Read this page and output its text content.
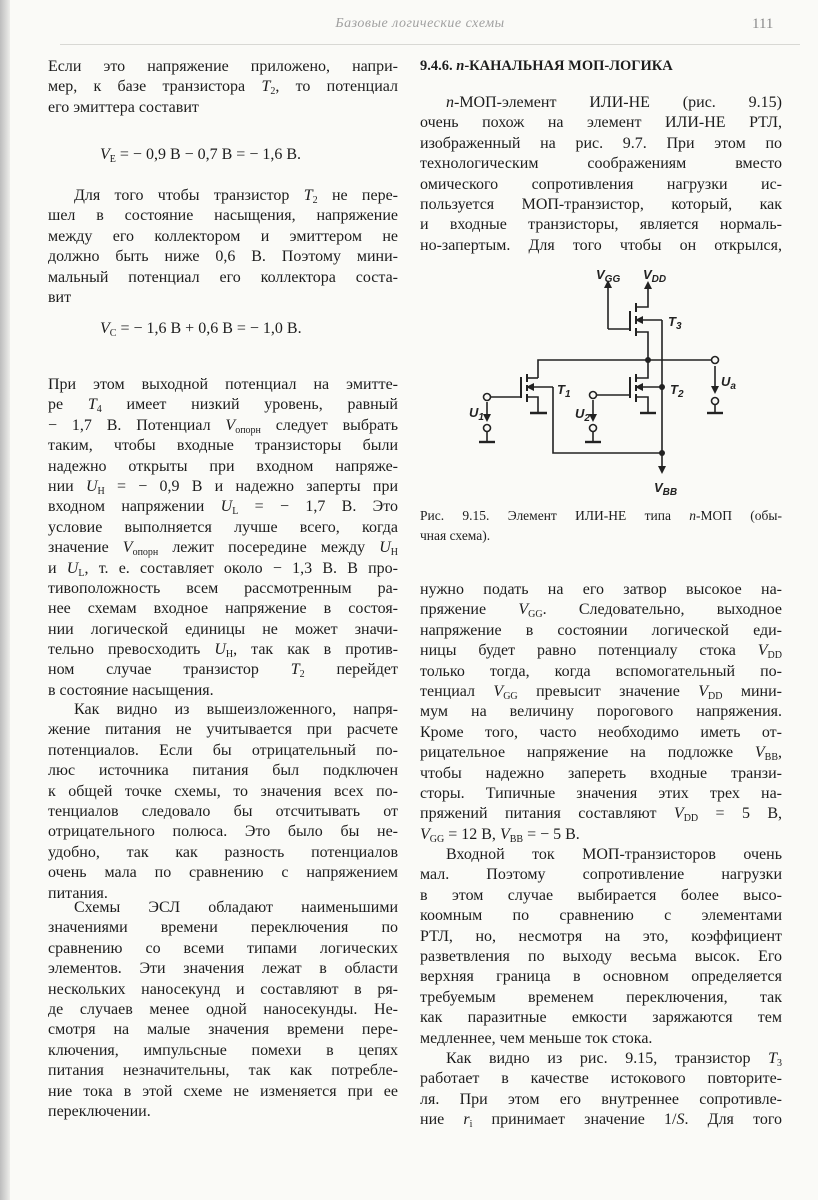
Базовые логические схемы	111
Если это напряжение приложено, напри-
мер, к базе транзистора $T_2$, то потенциал
его эмиттера составит
$V_E$ = − 0,9 В − 0,7 В = − 1,6 В.
Для того чтобы транзистор $T_2$ не пере-
шел в состояние насыщения, напряжение
между его коллектором и эмиттером не
должно быть ниже 0,6 В. Поэтому мини-
мальный потенциал его коллектора соста-
вит
$V_C$ = − 1,6 В + 0,6 В = − 1,0 В.
При этом выходной потенциал на эмитте-
ре $T_4$ имеет низкий уровень, равный
− 1,7 В. Потенциал $V_{опорн}$ следует выбрать
таким, чтобы входные транзисторы были
надежно открыты при входном напряже-
нии $U_H$ = − 0,9 В и надежно заперты при
входном напряжении $U_L$ = − 1,7 В. Это
условие выполняется лучше всего, когда
значение $V_{опорн}$ лежит посередине между $U_H$
и $U_L$, т. е. составляет около − 1,3 В. В про-
тивоположность всем рассмотренным ра-
нее схемам входное напряжение в состоя-
нии логической единицы не может значи-
тельно превосходить $U_H$, так как в против-
ном случае транзистор $T_2$ перейдет
в состояние насыщения.
Как видно из вышеизложенного, напря-
жение питания не учитывается при расчете
потенциалов. Если бы отрицательный по-
люс источника питания был подключен
к общей точке схемы, то значения всех по-
тенциалов следовало бы отсчитывать от
отрицательного полюса. Это было бы не-
удобно, так как разность потенциалов
очень мала по сравнению с напряжением
питания.
Схемы ЭСЛ обладают наименьшими
значениями времени переключения по
сравнению со всеми типами логических
элементов. Эти значения лежат в области
нескольких наносекунд и составляют в ря-
де случаев менее одной наносекунды. Не-
смотря на малые значения времени пере-
ключения, импульсные помехи в цепях
питания незначительны, так как потребле-
ние тока в этой схеме не изменяется при ее
переключении.
9.4.6. n-КАНАЛЬНАЯ МОП-ЛОГИКА
n-МОП-элемент ИЛИ-НЕ (рис. 9.15)
очень похож на элемент ИЛИ-НЕ РТЛ,
изображенный на рис. 9.7. При этом по
технологическим соображениям вместо
омического сопротивления нагрузки ис-
пользуется МОП-транзистор, который, как
и входные транзисторы, является нормаль-
но-запертым. Для того чтобы он открылся,
$V_{GG}$ $V_{DD}$
$T_3$
$T_1$	$T_2$
$U_1$	$U_2$
$U_a$
$V_{BB}$
Рис. 9.15. Элемент ИЛИ-НЕ типа n-МОП (обы-
чная схема).
нужно подать на его затвор высокое на-
пряжение $V_{GG}$. Следовательно, выходное
напряжение в состоянии логической еди-
ницы будет равно потенциалу стока $V_{DD}$
только тогда, когда вспомогательный по-
тенциал $V_{GG}$ превысит значение $V_{DD}$ мини-
мум на величину порогового напряжения.
Кроме того, часто необходимо иметь от-
рицательное напряжение на подложке $V_{BB}$,
чтобы надежно запереть входные транзи-
сторы. Типичные значения этих трех на-
пряжений питания составляют $V_{DD} = 5$ В,
$V_{GG} = 12$ В, $V_{BB}$ = − 5 В.
Входной ток МОП-транзисторов очень
мал. Поэтому сопротивление нагрузки
в этом случае выбирается более высо-
коомным по сравнению с элементами
РТЛ, но, несмотря на это, коэффициент
разветвления по выходу весьма высок. Его
верхняя граница в основном определяется
требуемым временем переключения, так
как паразитные емкости заряжаются тем
медленнее, чем меньше ток стока.
Как видно из рис. 9.15, транзистор $T_3$
работает в качестве истокового повторите-
ля. При этом его внутреннее сопротивле-
ние $r_i$ принимает значение 1/S. Для того
